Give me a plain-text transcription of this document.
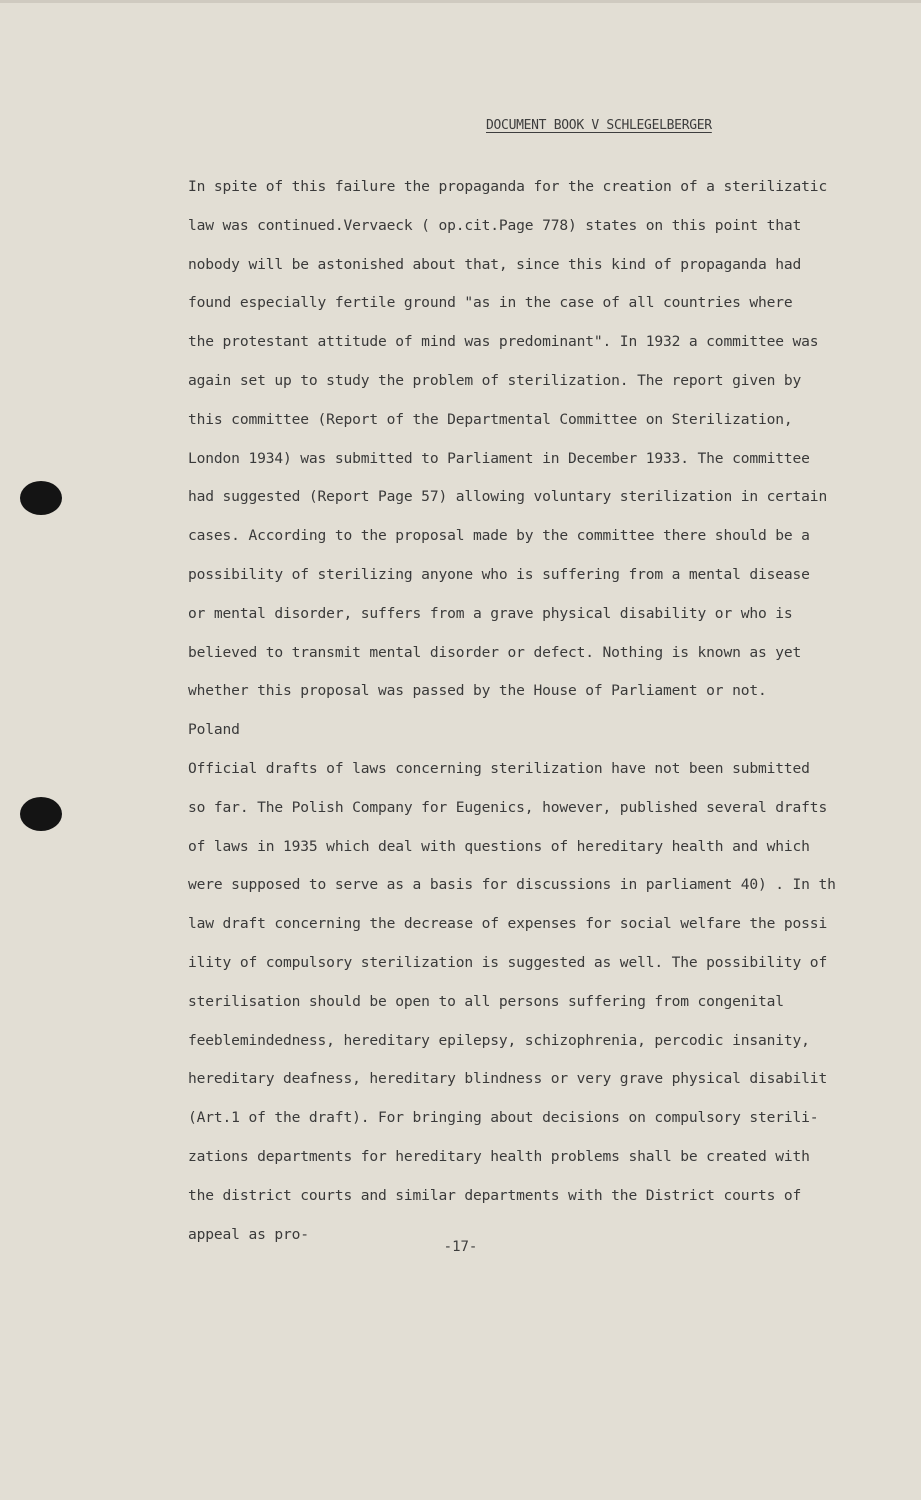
DOCUMENT BOOK V SCHLEGELBERGER
In spite of this failure the propaganda for the creation of a sterilizatic
law was continued.Vervaeck ( op.cit.Page 778) states on this point that
nobody will be astonished about that, since this kind of propaganda had
found especially fertile ground "as in the case of all countries where
the protestant attitude of mind was predominant". In 1932 a committee was
again set up to study the problem of sterilization. The report given by
this committee (Report of the Departmental Committee on Sterilization,
London 1934) was submitted to Parliament in December 1933. The committee
had suggested (Report Page 57) allowing voluntary sterilization in certain
cases. According to the proposal made by the committee there should be a
possibility of sterilizing anyone who is suffering from a mental disease
or mental disorder, suffers from a grave physical disability or who is
believed to transmit mental disorder or defect. Nothing is known as yet
whether this proposal was passed by the House of Parliament or not.
Poland
Official drafts of laws concerning sterilization have not been submitted
so far. The Polish Company for Eugenics, however, published several drafts
of laws in 1935 which deal with questions of hereditary health and which
were supposed to serve as a basis for discussions in parliament 40) . In th
law draft concerning the decrease of expenses for social welfare the possi
ility of compulsory sterilization is suggested as well. The possibility of
sterilisation should be open to all persons suffering from congenital
feeblemindedness, hereditary epilepsy, schizophrenia, percodic insanity,
hereditary deafness, hereditary blindness or very grave physical disabilit
(Art.1 of the draft). For bringing about decisions on compulsory sterili-
zations departments for hereditary health problems shall be created with
the district courts and similar departments with the District courts of
appeal as pro-
-17-
